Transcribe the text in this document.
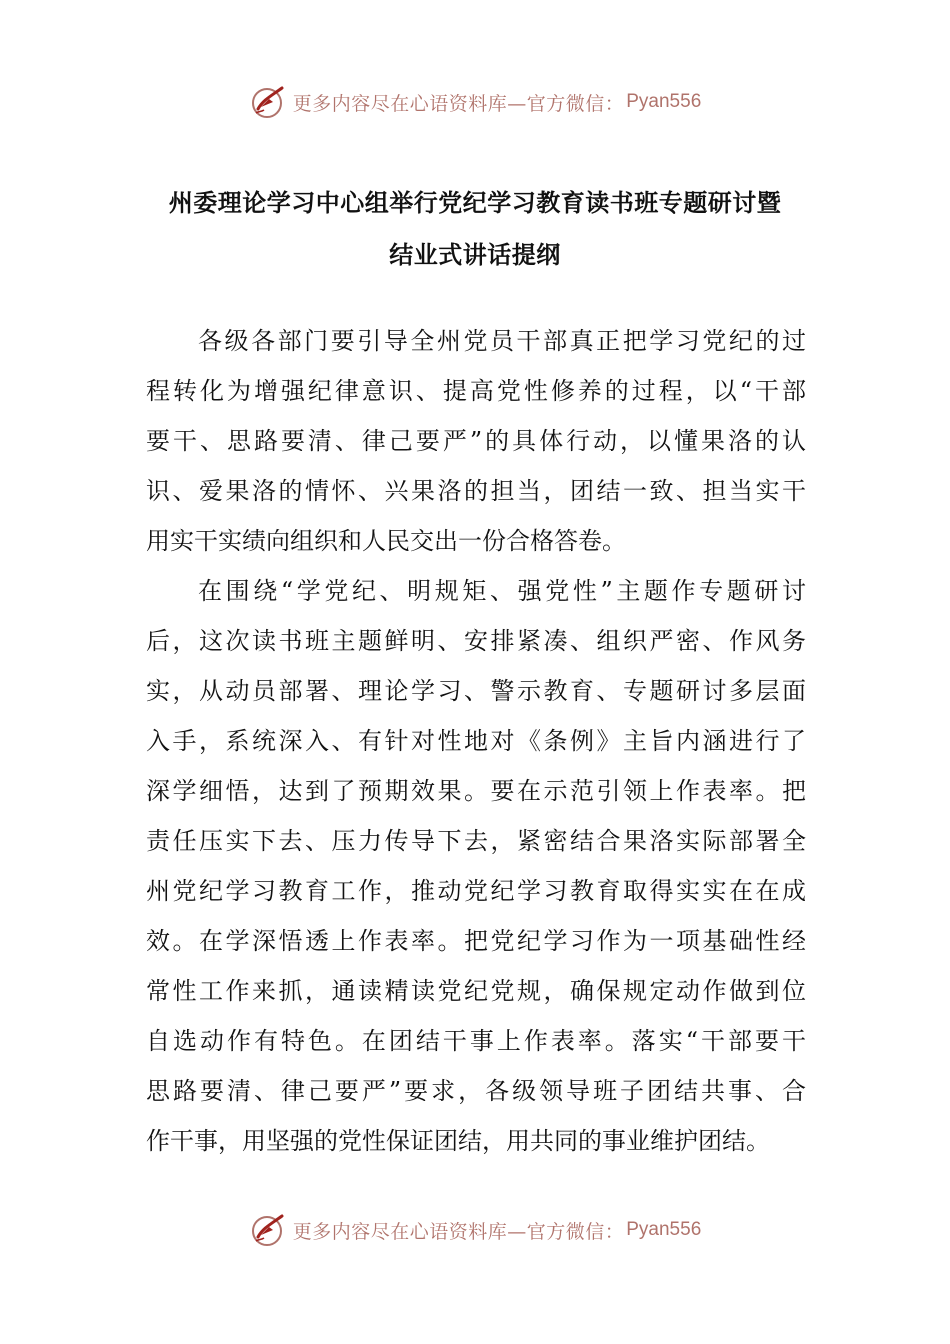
更多内容尽在心语资料库—官方微信： Pyan556
州委理论学习中心组举行党纪学习教育读书班专题研讨暨
结业式讲话提纲
各级各部门要引导全州党员干部真正把学习党纪的过
程转化为增强纪律意识、提高党性修养的过程，以“干部
要干、思路要清、律己要严”的具体行动，以懂果洛的认
识、爱果洛的情怀、兴果洛的担当，团结一致、担当实干
用实干实绩向组织和人民交出一份合格答卷。
在围绕“学党纪、明规矩、强党性”主题作专题研讨
后，这次读书班主题鲜明、安排紧凑、组织严密、作风务
实，从动员部署、理论学习、警示教育、专题研讨多层面
入手，系统深入、有针对性地对《条例》主旨内涵进行了
深学细悟，达到了预期效果。要在示范引领上作表率。把
责任压实下去、压力传导下去，紧密结合果洛实际部署全
州党纪学习教育工作，推动党纪学习教育取得实实在在成
效。在学深悟透上作表率。把党纪学习作为一项基础性经
常性工作来抓，通读精读党纪党规，确保规定动作做到位
自选动作有特色。在团结干事上作表率。落实“干部要干
思路要清、律己要严”要求，各级领导班子团结共事、合
作干事，用坚强的党性保证团结，用共同的事业维护团结。
更多内容尽在心语资料库—官方微信： Pyan556
